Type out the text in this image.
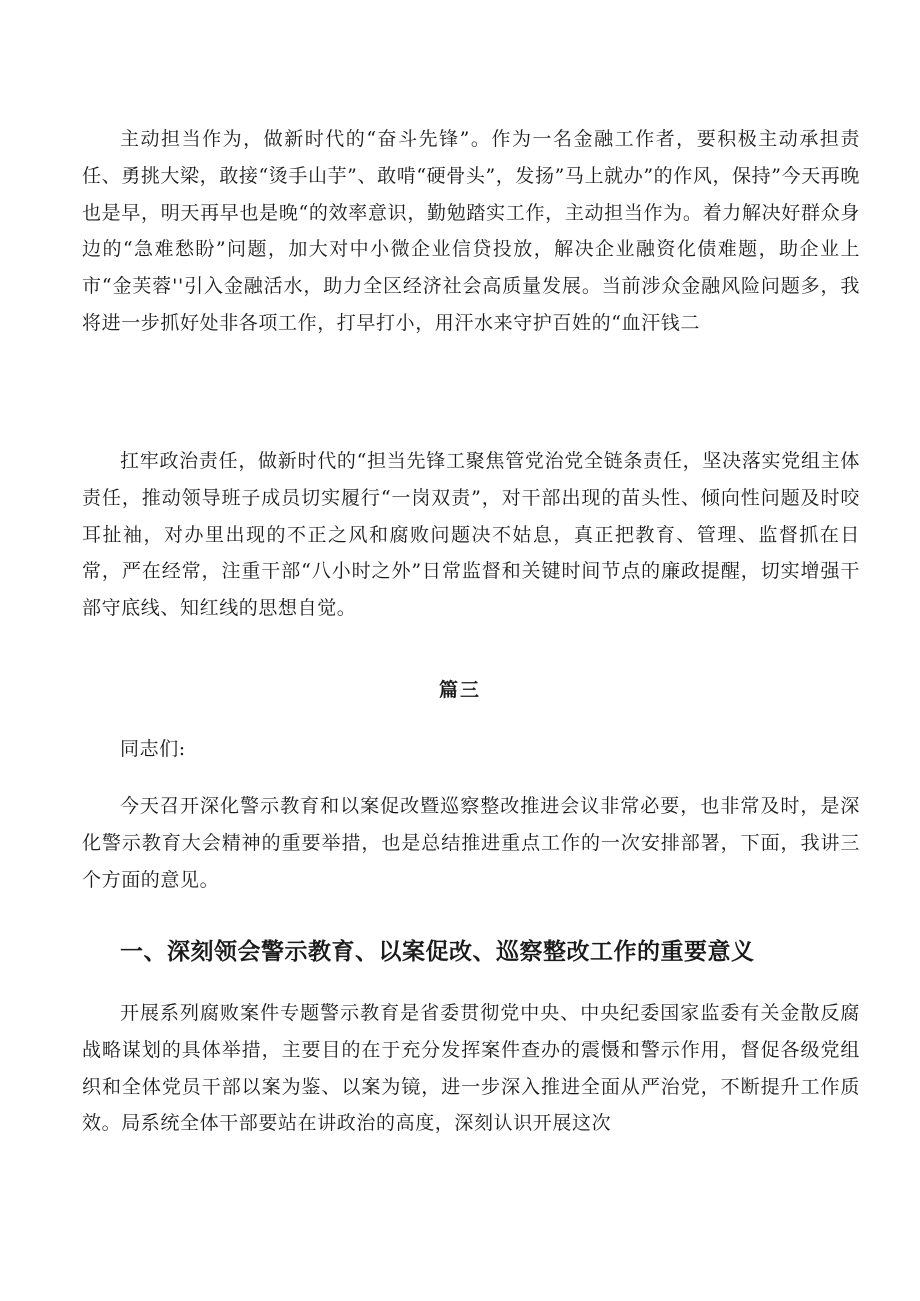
主动担当作为，做新时代的“奋斗先锋”。作为一名金融工作者，要积极主动承担责任、勇挑大梁，敢接“烫手山芋”、敢啃“硬骨头”，发扬”马上就办”的作风，保持”今天再晚也是早，明天再早也是晚“的效率意识，勤勉踏实工作，主动担当作为。着力解决好群众身边的“急难愁盼”问题，加大对中小微企业信贷投放，解决企业融资化债难题，助企业上市“金芙蓉''引入金融活水，助力全区经济社会高质量发展。当前涉众金融风险问题多，我将进一步抓好处非各项工作，打早打小，用汗水来守护百姓的“血汗钱二

扛牢政治责任，做新时代的“担当先锋工聚焦管党治党全链条责任，坚决落实党组主体责任，推动领导班子成员切实履行“一岗双责”，对干部出现的苗头性、倾向性问题及时咬耳扯袖，对办里出现的不正之风和腐败问题决不姑息，真正把教育、管理、监督抓在日常，严在经常，注重干部“八小时之外”日常监督和关键时间节点的廉政提醒，切实增强干部守底线、知红线的思想自觉。

篇三

同志们:

今天召开深化警示教育和以案促改暨巡察整改推进会议非常必要，也非常及时，是深化警示教育大会精神的重要举措，也是总结推进重点工作的一次安排部署，下面，我讲三个方面的意见。

一、深刻领会警示教育、以案促改、巡察整改工作的重要意义

开展系列腐败案件专题警示教育是省委贯彻党中央、中央纪委国家监委有关金散反腐战略谋划的具体举措，主要目的在于充分发挥案件查办的震慑和警示作用，督促各级党组织和全体党员干部以案为鉴、以案为镜，进一步深入推进全面从严治党，不断提升工作质效。局系统全体干部要站在讲政治的高度，深刻认识开展这次
